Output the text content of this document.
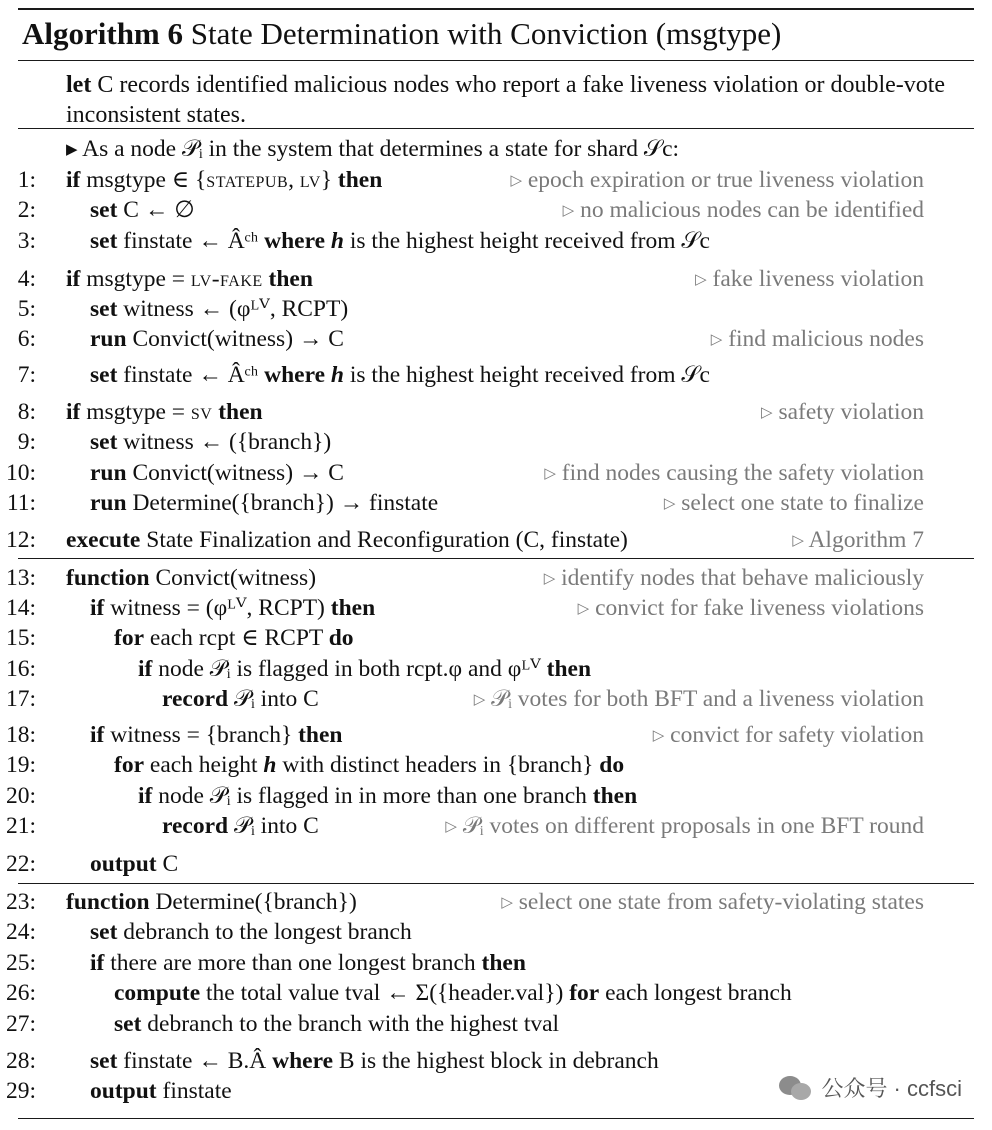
Algorithm 6 State Determination with Conviction (msgtype)
let C records identified malicious nodes who report a fake liveness violation or double-vote inconsistent states.
▶ As a node 𝒫ᵢ in the system that determines a state for shard 𝒮c:
1: if msgtype ∈ {statepub, lv} then	▷ epoch expiration or true liveness violation
2: set C ← ∅	▷ no malicious nodes can be identified
3: set finstate ← Âᶜʰ where h is the highest height received from 𝒮c
4: if msgtype = lv-fake then	▷ fake liveness violation
5: set witness ← (φᴸⱽ, RCPT)
6: run Convict(witness) → C	▷ find malicious nodes
7: set finstate ← Âᶜʰ where h is the highest height received from 𝒮c
8: if msgtype = sv then	▷ safety violation
9: set witness ← ({branch})
10: run Convict(witness) → C	▷ find nodes causing the safety violation
11: run Determine({branch}) → finstate	▷ select one state to finalize
12: execute State Finalization and Reconfiguration (C, finstate)	▷ Algorithm 7
13: function Convict(witness)	▷ identify nodes that behave maliciously
14: if witness = (φᴸⱽ, RCPT) then	▷ convict for fake liveness violations
15:	for each rcpt ∈ RCPT do
16:	if node 𝒫ᵢ is flagged in both rcpt.φ and φᴸⱽ then
17:	record 𝒫ᵢ into C	▷ 𝒫ᵢ votes for both BFT and a liveness violation
18: if witness = {branch} then	▷ convict for safety violation
19:	for each height h with distinct headers in {branch} do
20:	if node 𝒫ᵢ is flagged in in more than one branch then
21:	record 𝒫ᵢ into C	▷ 𝒫ᵢ votes on different proposals in one BFT round
22: output C
23: function Determine({branch})	▷ select one state from safety-violating states
24: set debranch to the longest branch
25: if there are more than one longest branch then
26:	compute the total value tval ← Σ({header.val}) for each longest branch
27:	set debranch to the branch with the highest tval
28: set finstate ← B.Â where B is the highest block in debranch
29: output finstate	公众号 · ccfsci
